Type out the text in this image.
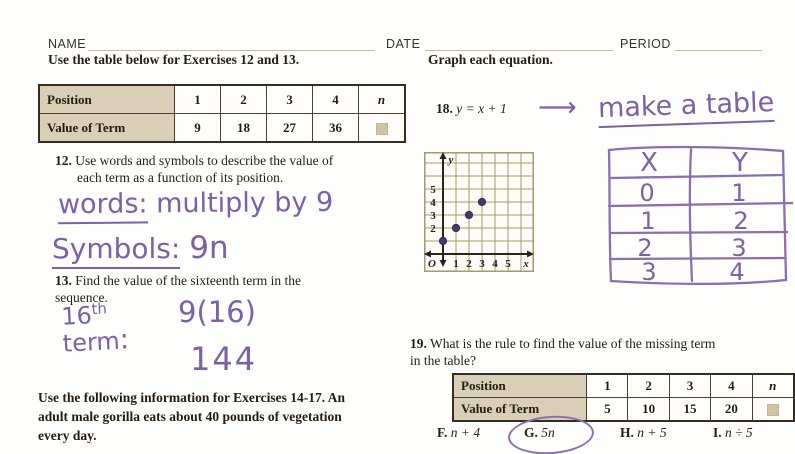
NAME	DATE	PERIOD
Use the table below for Exercises 12 and 13.
Position	1	2	3	4	n
Value of Term	9	18	27	36	
12. Use words and symbols to describe the value of
each term as a function of its position.
words: multiply by 9
Symbols: 9n
13. Find the value of the sixteenth term in the
sequence.
16th
term:
9(16)
144
Use the following information for Exercises 14-17. An
adult male gorilla eats about 40 pounds of vegetation
every day.
Graph each equation.
18. y = x + 1 ⟶ make a table
5
4
3
2
1 2 3 4 5
O
y
x
X	Y
0	1
1	2
2	3
3	4
19. What is the rule to find the value of the missing term
in the table?
Position	1	2	3	4	n
Value of Term	5	10	15	20	
F. n + 4	G. 5n	H. n + 5	I. n ÷ 5
